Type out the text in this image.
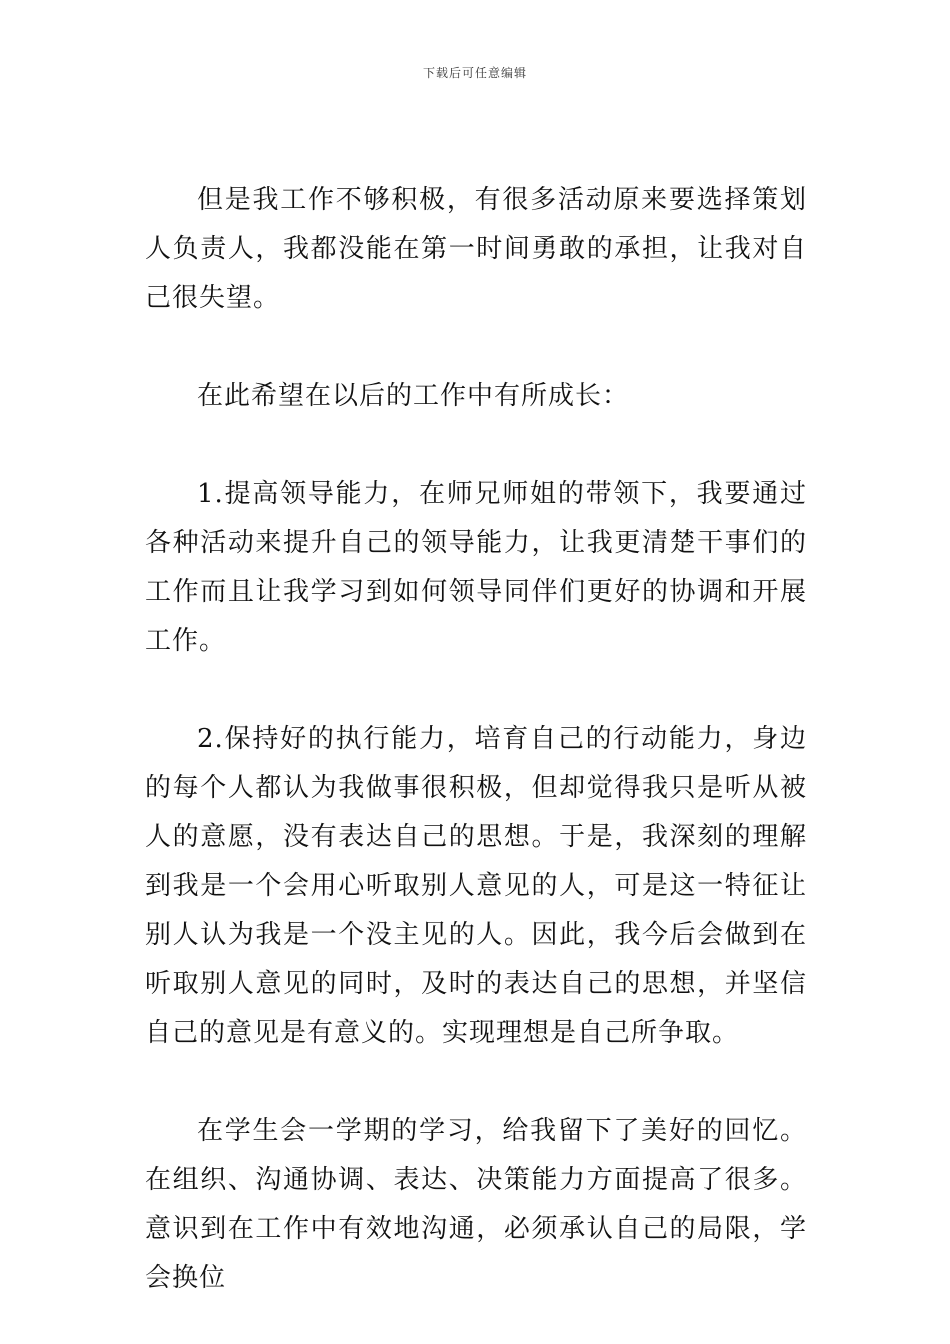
下载后可任意编辑

但是我工作不够积极，有很多活动原来要选择策划人负责人，我都没能在第一时间勇敢的承担，让我对自己很失望。

在此希望在以后的工作中有所成长：

1.提高领导能力，在师兄师姐的带领下，我要通过各种活动来提升自己的领导能力，让我更清楚干事们的工作而且让我学习到如何领导同伴们更好的协调和开展工作。

2.保持好的执行能力，培育自己的行动能力，身边的每个人都认为我做事很积极，但却觉得我只是听从被人的意愿，没有表达自己的思想。于是，我深刻的理解到我是一个会用心听取别人意见的人，可是这一特征让别人认为我是一个没主见的人。因此，我今后会做到在听取别人意见的同时，及时的表达自己的思想，并坚信自己的意见是有意义的。实现理想是自己所争取。

在学生会一学期的学习，给我留下了美好的回忆。在组织、沟通协调、表达、决策能力方面提高了很多。意识到在工作中有效地沟通，必须承认自己的局限，学会换位
